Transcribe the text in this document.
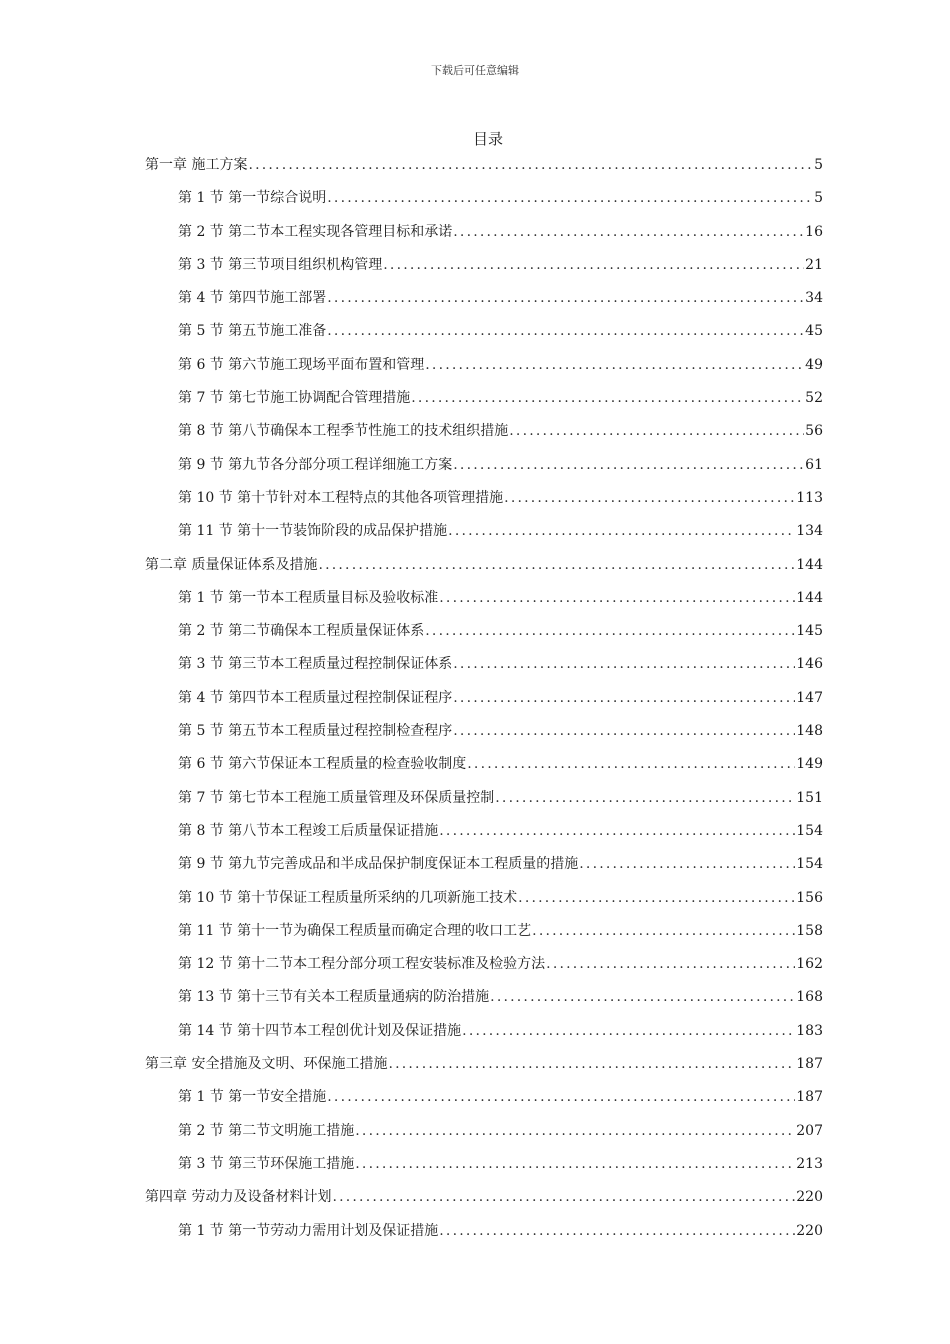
下载后可任意编辑
目录
第一章 施工方案 .....	5
第 1 节 第一节综合说明 .....	5
第 2 节 第二节本工程实现各管理目标和承诺 .....	16
第 3 节 第三节项目组织机构管理 .....	21
第 4 节 第四节施工部署 .....	34
第 5 节 第五节施工准备 .....	45
第 6 节 第六节施工现场平面布置和管理 .....	49
第 7 节 第七节施工协调配合管理措施 .....	52
第 8 节 第八节确保本工程季节性施工的技术组织措施 .....	56
第 9 节 第九节各分部分项工程详细施工方案 .....	61
第 10 节 第十节针对本工程特点的其他各项管理措施 .....	113
第 11 节 第十一节装饰阶段的成品保护措施 .....	134
第二章 质量保证体系及措施 .....	144
第 1 节 第一节本工程质量目标及验收标准 .....	144
第 2 节 第二节确保本工程质量保证体系 .....	145
第 3 节 第三节本工程质量过程控制保证体系 .....	146
第 4 节 第四节本工程质量过程控制保证程序 .....	147
第 5 节 第五节本工程质量过程控制检查程序 .....	148
第 6 节 第六节保证本工程质量的检查验收制度 .....	149
第 7 节 第七节本工程施工质量管理及环保质量控制 .....	151
第 8 节 第八节本工程竣工后质量保证措施 .....	154
第 9 节 第九节完善成品和半成品保护制度保证本工程质量的措施 .....	154
第 10 节 第十节保证工程质量所采纳的几项新施工技术 .....	156
第 11 节 第十一节为确保工程质量而确定合理的收口工艺 .....	158
第 12 节 第十二节本工程分部分项工程安装标准及检验方法 .....	162
第 13 节 第十三节有关本工程质量通病的防治措施 .....	168
第 14 节 第十四节本工程创优计划及保证措施 .....	183
第三章 安全措施及文明、环保施工措施 .....	187
第 1 节 第一节安全措施 .....	187
第 2 节 第二节文明施工措施 .....	207
第 3 节 第三节环保施工措施 .....	213
第四章 劳动力及设备材料计划 .....	220
第 1 节 第一节劳动力需用计划及保证措施 .....	220
